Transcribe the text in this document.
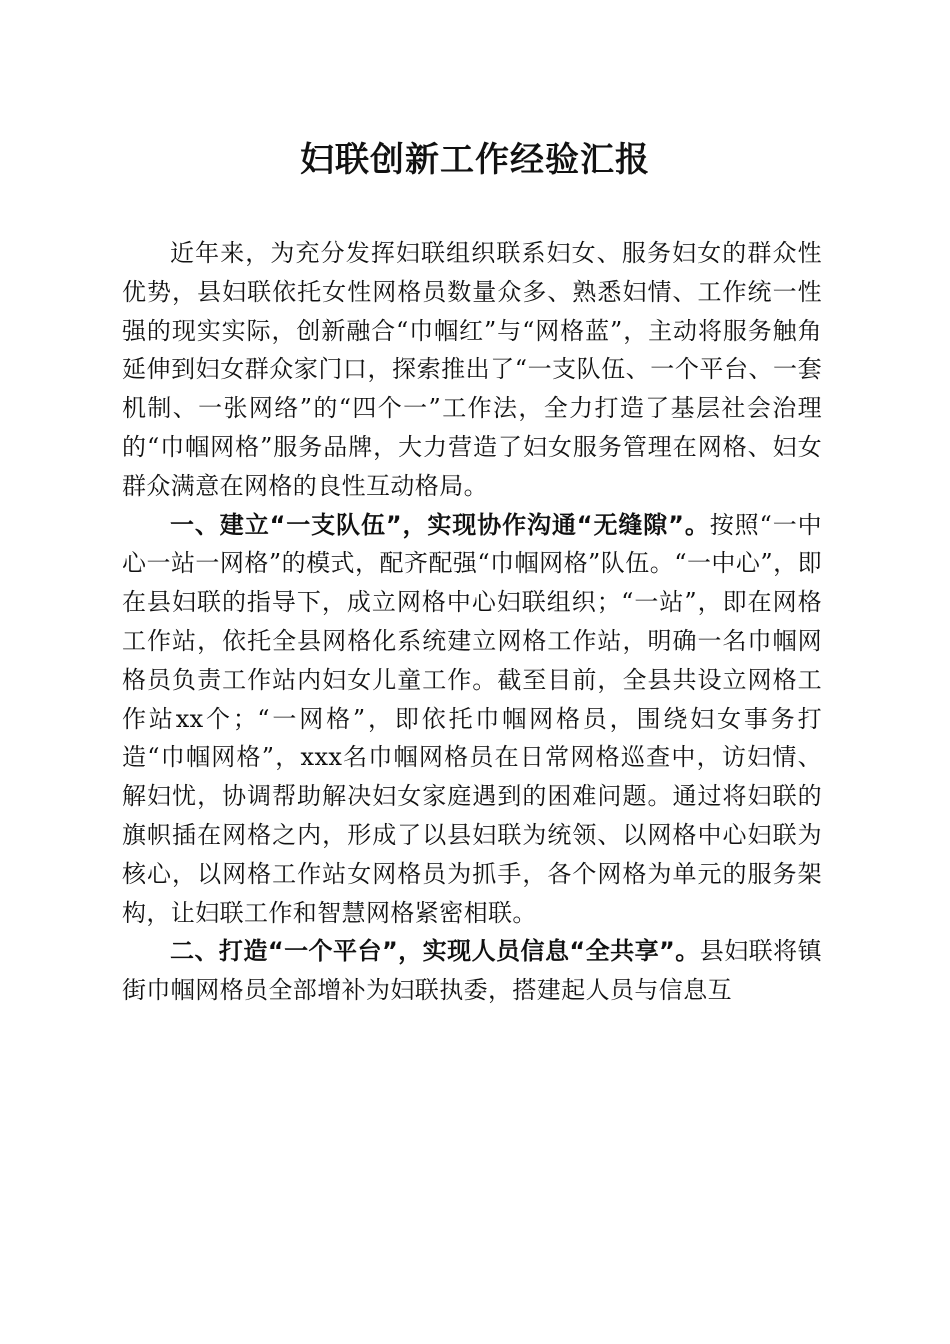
妇联创新工作经验汇报

近年来，为充分发挥妇联组织联系妇女、服务妇女的群众性优势，县妇联依托女性网格员数量众多、熟悉妇情、工作统一性强的现实实际，创新融合“巾帼红”与“网格蓝”，主动将服务触角延伸到妇女群众家门口，探索推出了“一支队伍、一个平台、一套机制、一张网络”的“四个一”工作法，全力打造了基层社会治理的“巾帼网格”服务品牌，大力营造了妇女服务管理在网格、妇女群众满意在网格的良性互动格局。

一、建立“一支队伍”，实现协作沟通“无缝隙”。按照“一中心一站一网格”的模式，配齐配强“巾帼网格”队伍。“一中心”，即在县妇联的指导下，成立网格中心妇联组织；“一站”，即在网格工作站，依托全县网格化系统建立网格工作站，明确一名巾帼网格员负责工作站内妇女儿童工作。截至目前，全县共设立网格工作站xx个；“一网格”，即依托巾帼网格员，围绕妇女事务打造“巾帼网格”，xxx名巾帼网格员在日常网格巡查中，访妇情、解妇忧，协调帮助解决妇女家庭遇到的困难问题。通过将妇联的旗帜插在网格之内，形成了以县妇联为统领、以网格中心妇联为核心，以网格工作站女网格员为抓手，各个网格为单元的服务架构，让妇联工作和智慧网格紧密相联。

二、打造“一个平台”，实现人员信息“全共享”。县妇联将镇街巾帼网格员全部增补为妇联执委，搭建起人员与信息互
